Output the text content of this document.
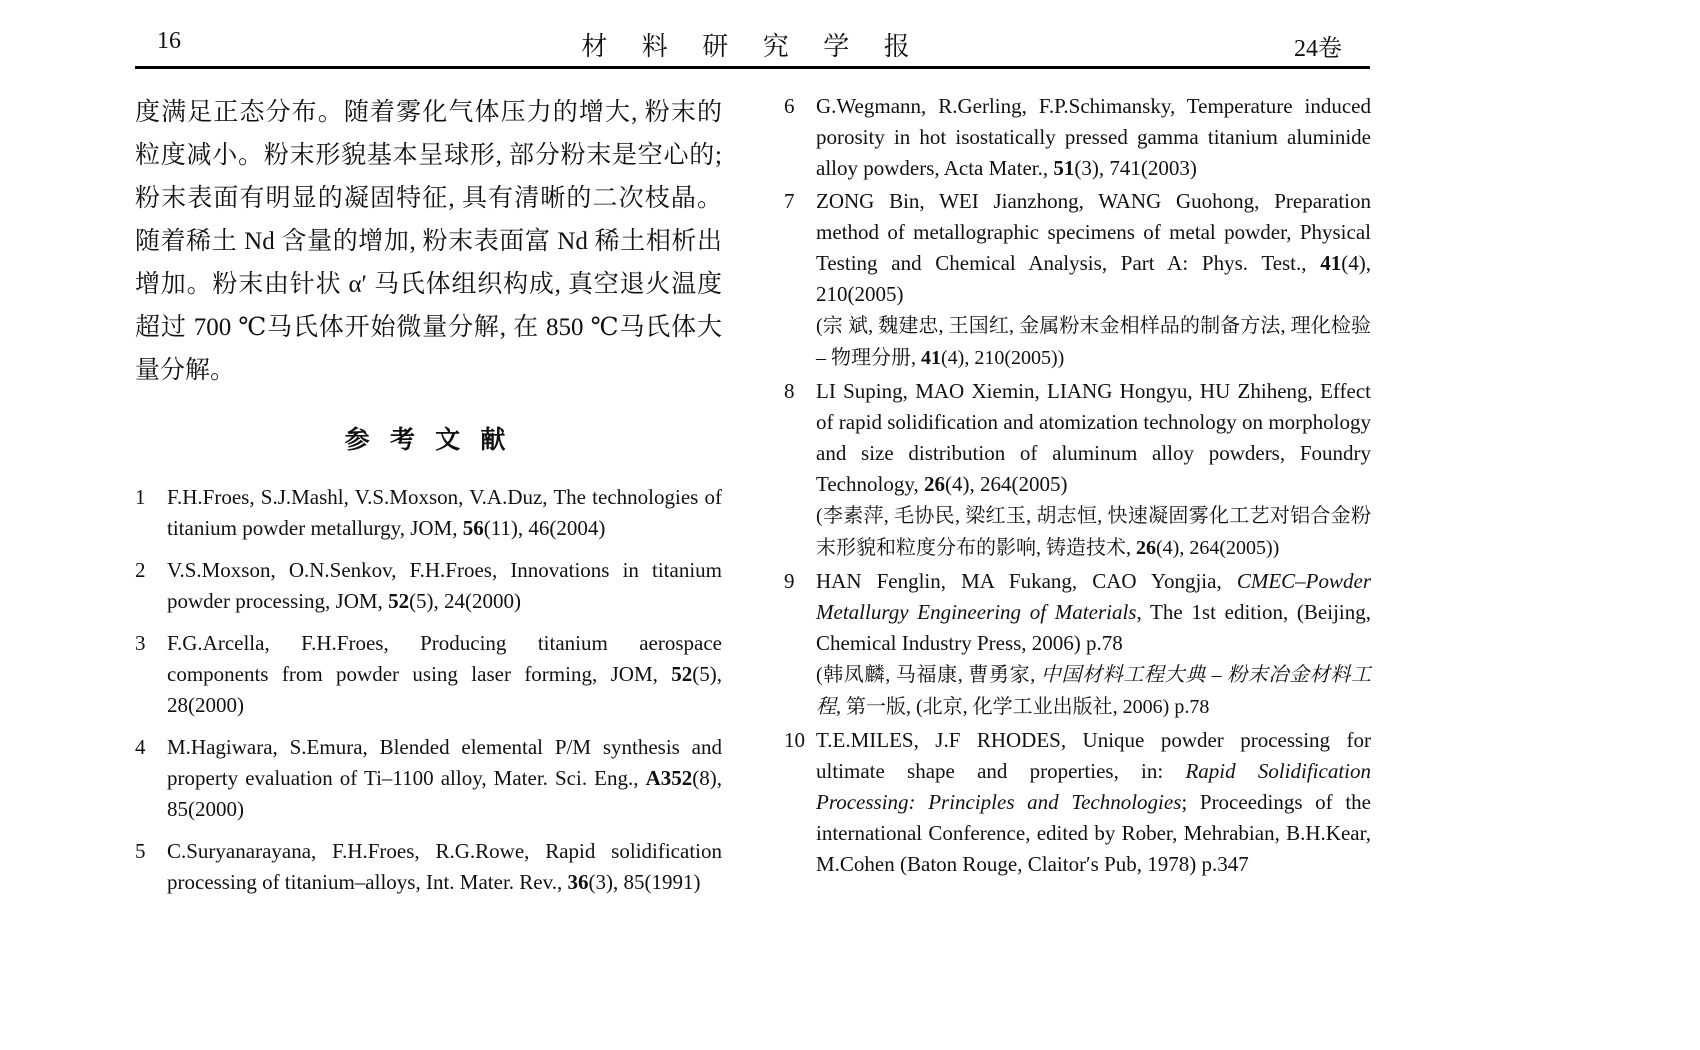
16	材 料 研 究 学 报	24卷

度满足正态分布。随着雾化气体压力的增大, 粉末的粒度减小。粉末形貌基本呈球形, 部分粉末是空心的; 粉末表面有明显的凝固特征, 具有清晰的二次枝晶。随着稀土 Nd 含量的增加, 粉末表面富 Nd 稀土相析出增加。粉末由针状 α′ 马氏体组织构成, 真空退火温度超过 700 ℃马氏体开始微量分解, 在 850 ℃马氏体大量分解。

参 考 文 献
1	F.H.Froes, S.J.Mashl, V.S.Moxson, V.A.Duz, The technologies of titanium powder metallurgy, JOM, 56(11), 46(2004)
2	V.S.Moxson, O.N.Senkov, F.H.Froes, Innovations in titanium powder processing, JOM, 52(5), 24(2000)
3	F.G.Arcella, F.H.Froes, Producing titanium aerospace components from powder using laser forming, JOM, 52(5), 28(2000)
4	M.Hagiwara, S.Emura, Blended elemental P/M synthesis and property evaluation of Ti–1100 alloy, Mater. Sci. Eng., A352(8), 85(2000)
5	C.Suryanarayana, F.H.Froes, R.G.Rowe, Rapid solidification processing of titanium–alloys, Int. Mater. Rev., 36(3), 85(1991)
6	G.Wegmann, R.Gerling, F.P.Schimansky, Temperature induced porosity in hot isostatically pressed gamma titanium aluminide alloy powders, Acta Mater., 51(3), 741(2003)
7	ZONG Bin, WEI Jianzhong, WANG Guohong, Preparation method of metallographic specimens of metal powder, Physical Testing and Chemical Analysis, Part A: Phys. Test., 41(4), 210(2005)
(宗 斌, 魏建忠, 王国红, 金属粉末金相样品的制备方法, 理化检验 – 物理分册, 41(4), 210(2005))
8	LI Suping, MAO Xiemin, LIANG Hongyu, HU Zhiheng, Effect of rapid solidification and atomization technology on morphology and size distribution of aluminum alloy powders, Foundry Technology, 26(4), 264(2005)
(李素萍, 毛协民, 梁红玉, 胡志恒, 快速凝固雾化工艺对铝合金粉末形貌和粒度分布的影响, 铸造技术, 26(4), 264(2005))
9	HAN Fenglin, MA Fukang, CAO Yongjia, CMEC–Powder Metallurgy Engineering of Materials, The 1st edition, (Beijing, Chemical Industry Press, 2006) p.78
(韩凤麟, 马福康, 曹勇家, 中国材料工程大典 – 粉末冶金材料工程, 第一版, (北京, 化学工业出版社, 2006) p.78
10 T.E.MILES, J.F RHODES, Unique powder processing for ultimate shape and properties, in: Rapid Solidification Processing: Principles and Technologies; Proceedings of the international Conference, edited by Rober, Mehrabian, B.H.Kear, M.Cohen (Baton Rouge, Claitor′s Pub, 1978) p.347
